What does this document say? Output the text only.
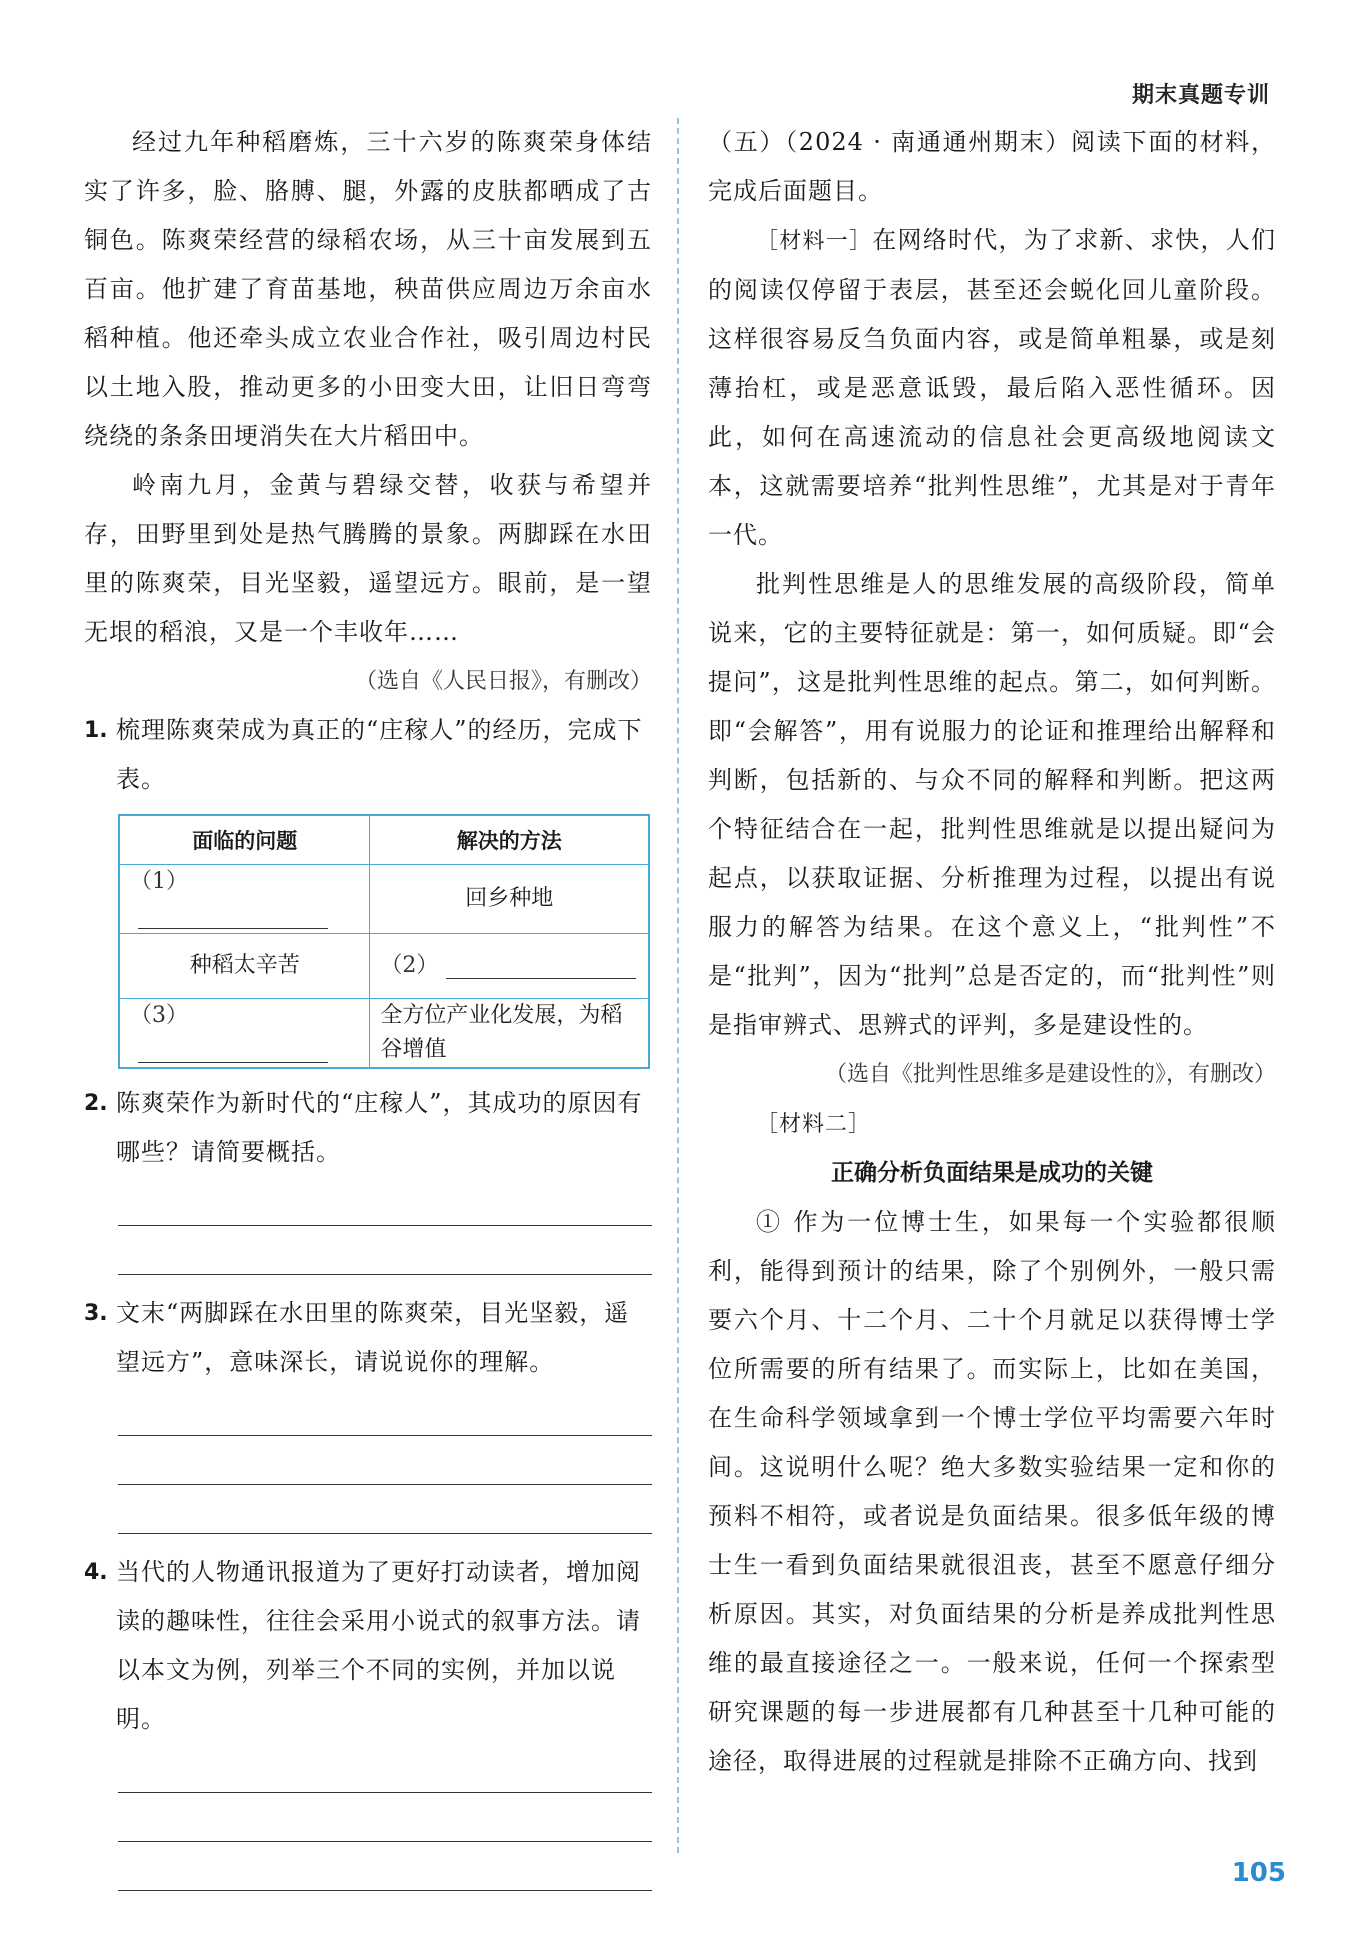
期末真题专训

经过九年种稻磨炼，三十六岁的陈爽荣身体结实了许多，脸、胳膊、腿，外露的皮肤都晒成了古铜色。陈爽荣经营的绿稻农场，从三十亩发展到五百亩。他扩建了育苗基地，秧苗供应周边万余亩水稻种植。他还牵头成立农业合作社，吸引周边村民以土地入股，推动更多的小田变大田，让旧日弯弯绕绕的条条田埂消失在大片稻田中。

岭南九月，金黄与碧绿交替，收获与希望并存，田野里到处是热气腾腾的景象。两脚踩在水田里的陈爽荣，目光坚毅，遥望远方。眼前，是一望无垠的稻浪，又是一个丰收年……

（选自《人民日报》，有删改）
1. 梳理陈爽荣成为真正的“庄稼人”的经历，完成下表。
面临的问题	解决的方法
（1）	回乡种地
种稻太辛苦	（2）
（3）	全方位产业化发展，为稻谷增值
2. 陈爽荣作为新时代的“庄稼人”，其成功的原因有哪些？请简要概括。
3. 文末“两脚踩在水田里的陈爽荣，目光坚毅，遥望远方”，意味深长，请说说你的理解。
4. 当代的人物通讯报道为了更好打动读者，增加阅读的趣味性，往往会采用小说式的叙事方法。请以本文为例，列举三个不同的实例，并加以说明。

（五）（2024 · 南通通州期末）阅读下面的材料，完成后面题目。

［材料一］在网络时代，为了求新、求快，人们的阅读仅停留于表层，甚至还会蜕化回儿童阶段。这样很容易反刍负面内容，或是简单粗暴，或是刻薄抬杠，或是恶意诋毁，最后陷入恶性循环。因此，如何在高速流动的信息社会更高级地阅读文本，这就需要培养“批判性思维”，尤其是对于青年一代。

批判性思维是人的思维发展的高级阶段，简单说来，它的主要特征就是：第一，如何质疑。即“会提问”，这是批判性思维的起点。第二，如何判断。即“会解答”，用有说服力的论证和推理给出解释和判断，包括新的、与众不同的解释和判断。把这两个特征结合在一起，批判性思维就是以提出疑问为起点，以获取证据、分析推理为过程，以提出有说服力的解答为结果。在这个意义上，“批判性”不是“批判”，因为“批判”总是否定的，而“批判性”则是指审辨式、思辨式的评判，多是建设性的。

（选自《批判性思维多是建设性的》，有删改）

［材料二］

正确分析负面结果是成功的关键

① 作为一位博士生，如果每一个实验都很顺利，能得到预计的结果，除了个别例外，一般只需要六个月、十二个月、二十个月就足以获得博士学位所需要的所有结果了。而实际上，比如在美国，在生命科学领域拿到一个博士学位平均需要六年时间。这说明什么呢？绝大多数实验结果一定和你的预料不相符，或者说是负面结果。很多低年级的博士生一看到负面结果就很沮丧，甚至不愿意仔细分析原因。其实，对负面结果的分析是养成批判性思维的最直接途径之一。一般来说，任何一个探索型研究课题的每一步进展都有几种甚至十几种可能的途径，取得进展的过程就是排除不正确方向、找到

105
